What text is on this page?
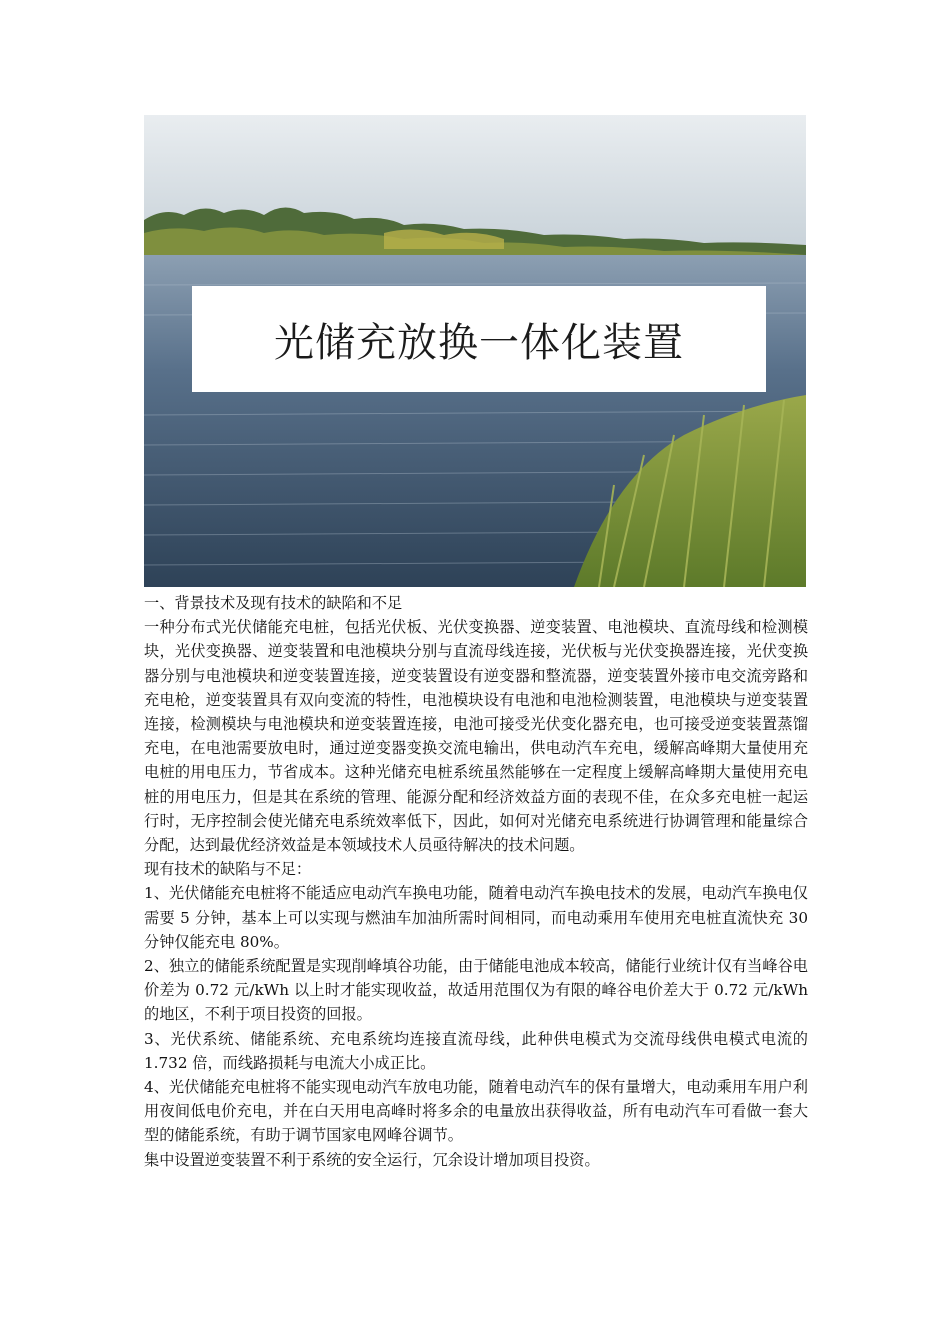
光储充放换一体化装置

一、背景技术及现有技术的缺陷和不足

一种分布式光伏储能充电桩，包括光伏板、光伏变换器、逆变装置、电池模块、直流母线和检测模块，光伏变换器、逆变装置和电池模块分别与直流母线连接，光伏板与光伏变换器连接，光伏变换器分别与电池模块和逆变装置连接，逆变装置设有逆变器和整流器，逆变装置外接市电交流旁路和充电枪，逆变装置具有双向变流的特性，电池模块设有电池和电池检测装置，电池模块与逆变装置连接，检测模块与电池模块和逆变装置连接，电池可接受光伏变化器充电，也可接受逆变装置蒸馏充电，在电池需要放电时，通过逆变器变换交流电输出，供电动汽车充电，缓解高峰期大量使用充电桩的用电压力，节省成本。这种光储充电桩系统虽然能够在一定程度上缓解高峰期大量使用充电桩的用电压力，但是其在系统的管理、能源分配和经济效益方面的表现不佳，在众多充电桩一起运行时，无序控制会使光储充电系统效率低下，因此，如何对光储充电系统进行协调管理和能量综合分配，达到最优经济效益是本领域技术人员亟待解决的技术问题。

现有技术的缺陷与不足：

1、光伏储能充电桩将不能适应电动汽车换电功能，随着电动汽车换电技术的发展，电动汽车换电仅需要 5 分钟，基本上可以实现与燃油车加油所需时间相同，而电动乘用车使用充电桩直流快充 30 分钟仅能充电 80%。

2、独立的储能系统配置是实现削峰填谷功能，由于储能电池成本较高，储能行业统计仅有当峰谷电价差为 0.72 元/kWh 以上时才能实现收益，故适用范围仅为有限的峰谷电价差大于 0.72 元/kWh 的地区，不利于项目投资的回报。

3、光伏系统、储能系统、充电系统均连接直流母线，此种供电模式为交流母线供电模式电流的 1.732 倍，而线路损耗与电流大小成正比。

4、光伏储能充电桩将不能实现电动汽车放电功能，随着电动汽车的保有量增大，电动乘用车用户利用夜间低电价充电，并在白天用电高峰时将多余的电量放出获得收益，所有电动汽车可看做一套大型的储能系统，有助于调节国家电网峰谷调节。

集中设置逆变装置不利于系统的安全运行，冗余设计增加项目投资。
